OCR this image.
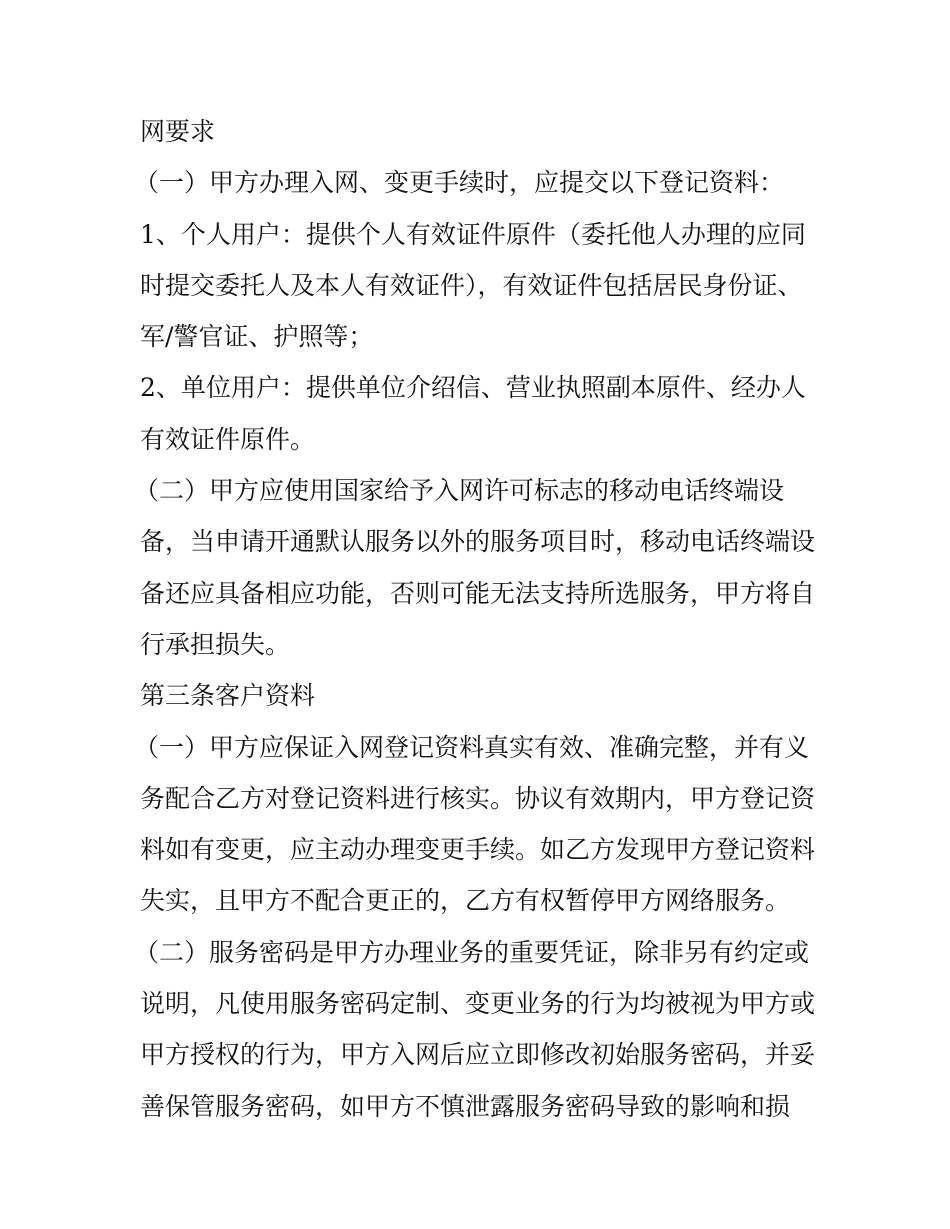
网要求
（一）甲方办理入网、变更手续时，应提交以下登记资料：
1、个人用户：提供个人有效证件原件（委托他人办理的应同
时提交委托人及本人有效证件），有效证件包括居民身份证、
军/警官证、护照等；
2、单位用户：提供单位介绍信、营业执照副本原件、经办人
有效证件原件。
（二）甲方应使用国家给予入网许可标志的移动电话终端设
备，当申请开通默认服务以外的服务项目时，移动电话终端设
备还应具备相应功能，否则可能无法支持所选服务，甲方将自
行承担损失。
第三条客户资料
（一）甲方应保证入网登记资料真实有效、准确完整，并有义
务配合乙方对登记资料进行核实。协议有效期内，甲方登记资
料如有变更，应主动办理变更手续。如乙方发现甲方登记资料
失实，且甲方不配合更正的，乙方有权暂停甲方网络服务。
（二）服务密码是甲方办理业务的重要凭证，除非另有约定或
说明，凡使用服务密码定制、变更业务的行为均被视为甲方或
甲方授权的行为，甲方入网后应立即修改初始服务密码，并妥
善保管服务密码，如甲方不慎泄露服务密码导致的影响和损
